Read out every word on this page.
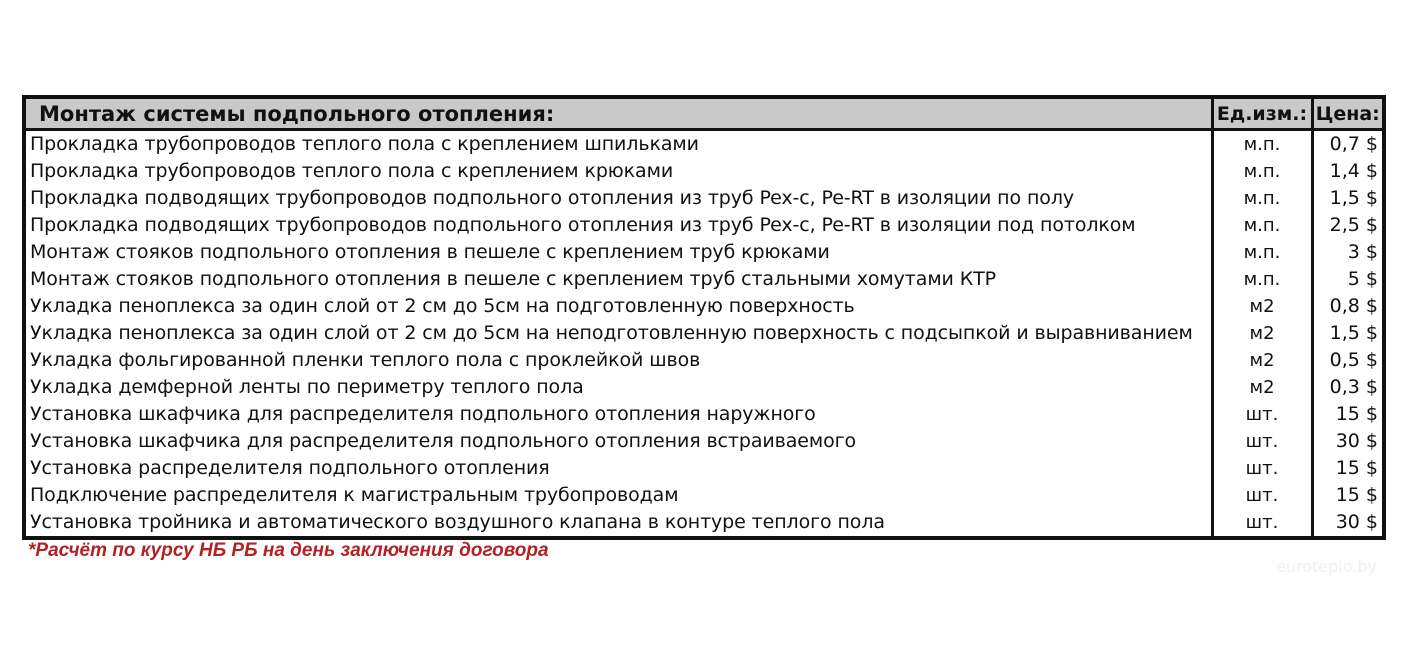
Монтаж системы подпольного отопления:	Ед.изм.:	Цена:
Прокладка трубопроводов теплого пола с креплением шпильками	м.п.	0,7 $
Прокладка трубопроводов теплого пола с креплением крюками	м.п.	1,4 $
Прокладка подводящих трубопроводов подпольного отопления из труб Pex-c, Pe-RT в изоляции по полу	м.п.	1,5 $
Прокладка подводящих трубопроводов подпольного отопления из труб Pex-c, Pe-RT в изоляции под потолком	м.п.	2,5 $
Монтаж стояков подпольного отопления в пешеле с креплением труб крюками	м.п.	3 $
Монтаж стояков подпольного отопления в пешеле с креплением труб стальными хомутами КТР	м.п.	5 $
Укладка пеноплекса за один слой от 2 см до 5см на подготовленную поверхность	м2	0,8 $
Укладка пеноплекса за один слой от 2 см до 5см на неподготовленную поверхность с подсыпкой и выравниванием	м2	1,5 $
Укладка фольгированной пленки теплого пола с проклейкой швов	м2	0,5 $
Укладка демферной ленты по периметру теплого пола	м2	0,3 $
Установка шкафчика для распределителя подпольного отопления наружного	шт.	15 $
Установка шкафчика для распределителя подпольного отопления встраиваемого	шт.	30 $
Установка распределителя подпольного отопления	шт.	15 $
Подключение распределителя к магистральным трубопроводам	шт.	15 $
Установка тройника и автоматического воздушного клапана в контуре теплого пола	шт.	30 $
*Расчёт по курсу НБ РБ на день заключения договора
eurotepio.by
